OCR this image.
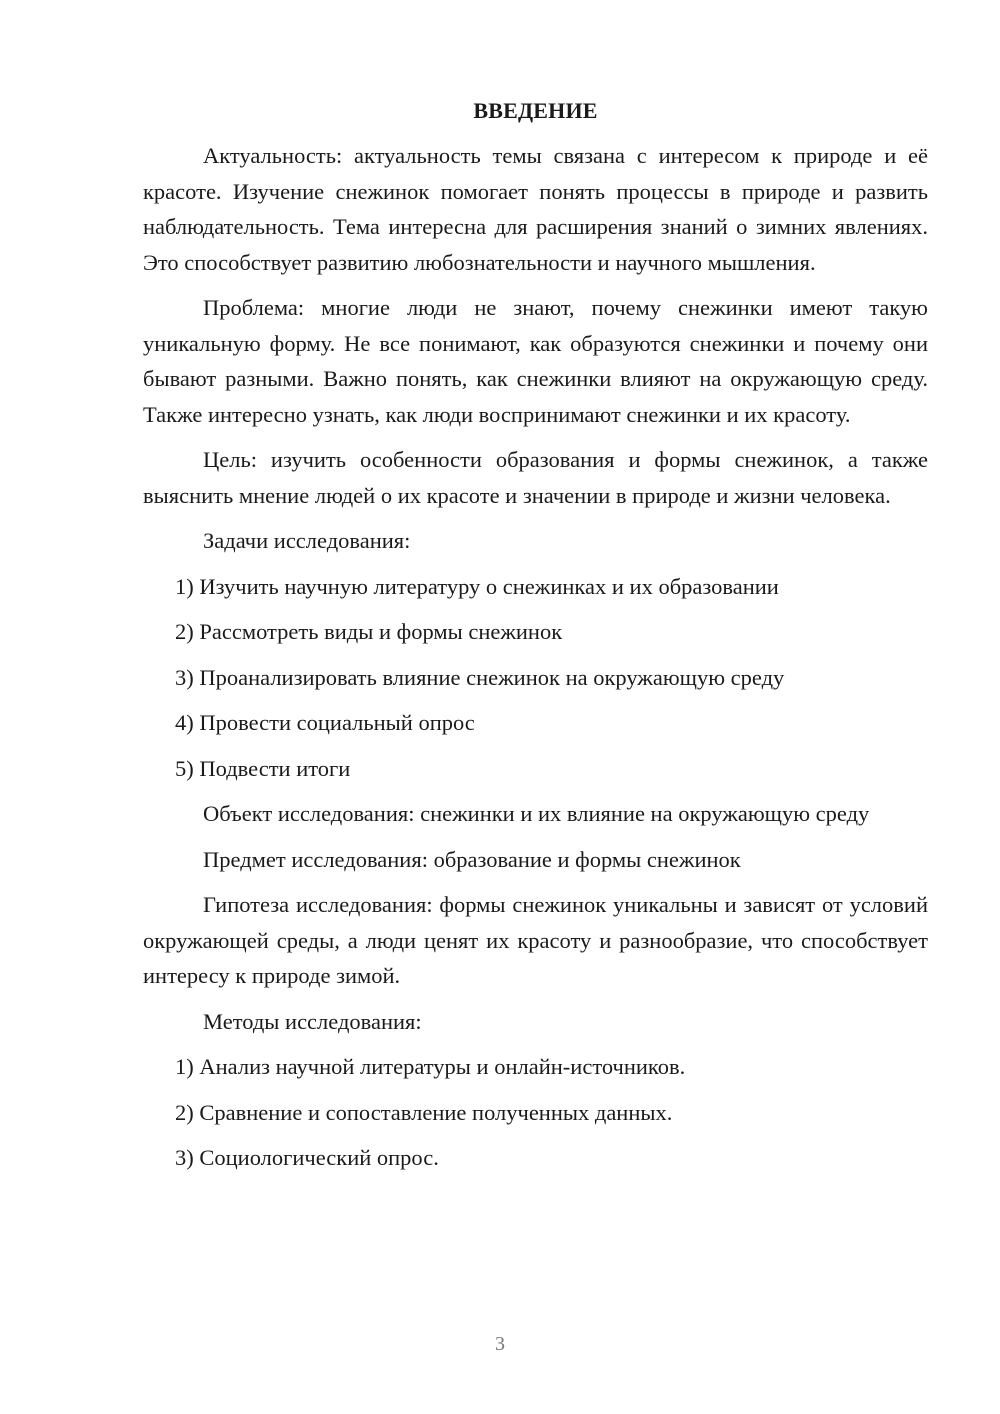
ВВЕДЕНИЕ

Актуальность: актуальность темы связана с интересом к природе и её красоте. Изучение снежинок помогает понять процессы в природе и развить наблюдательность. Тема интересна для расширения знаний о зимних явлениях. Это способствует развитию любознательности и научного мышления.

Проблема: многие люди не знают, почему снежинки имеют такую уникальную форму. Не все понимают, как образуются снежинки и почему они бывают разными. Важно понять, как снежинки влияют на окружающую среду. Также интересно узнать, как люди воспринимают снежинки и их красоту.

Цель: изучить особенности образования и формы снежинок, а также выяснить мнение людей о их красоте и значении в природе и жизни человека.

Задачи исследования:

1) Изучить научную литературу о снежинках и их образовании

2) Рассмотреть виды и формы снежинок

3) Проанализировать влияние снежинок на окружающую среду

4) Провести социальный опрос

5) Подвести итоги

Объект исследования: снежинки и их влияние на окружающую среду

Предмет исследования: образование и формы снежинок

Гипотеза исследования: формы снежинок уникальны и зависят от условий окружающей среды, а люди ценят их красоту и разнообразие, что способствует интересу к природе зимой.

Методы исследования:

1) Анализ научной литературы и онлайн-источников.

2) Сравнение и сопоставление полученных данных.

3) Социологический опрос.

3
